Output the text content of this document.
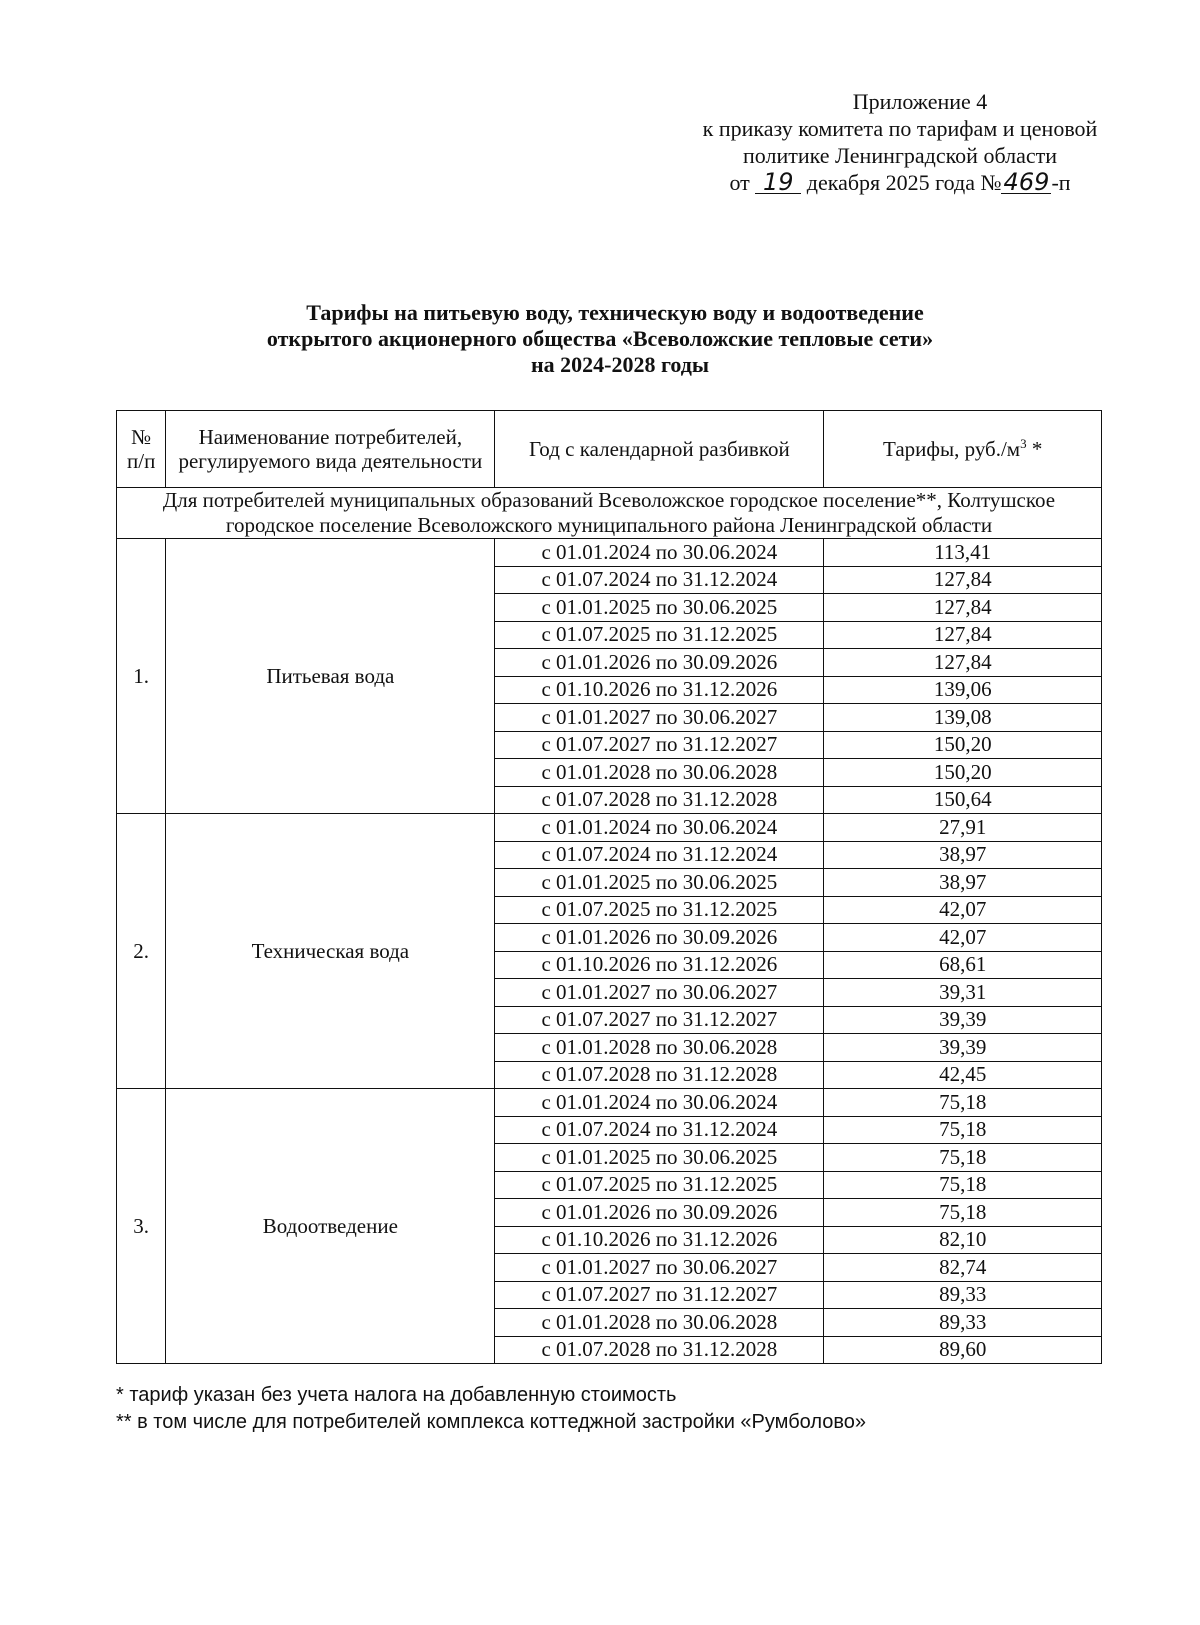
Приложение 4
к приказу комитета по тарифам и ценовой
политике Ленинградской области
от 19 декабря 2025 года №469-п
Тарифы на питьевую воду, техническую воду и водоотведение
открытого акционерного общества «Всеволожские тепловые сети»
на 2024-2028 годы
№ п/п	Наименование потребителей, регулируемого вида деятельности	Год с календарной разбивкой	Тарифы, $руб./м^3$ *
Для потребителей муниципальных образований Всеволожское городское поселение**, Колтушское городское поселение Всеволожского муниципального района Ленинградской области			
1.	Питьевая вода	с 01.01.2024 по 30.06.2024	113,41
		с 01.07.2024 по 31.12.2024	127,84
		с 01.01.2025 по 30.06.2025	127,84
		с 01.07.2025 по 31.12.2025	127,84
		с 01.01.2026 по 30.09.2026	127,84
		с 01.10.2026 по 31.12.2026	139,06
		с 01.01.2027 по 30.06.2027	139,08
		с 01.07.2027 по 31.12.2027	150,20
		с 01.01.2028 по 30.06.2028	150,20
		с 01.07.2028 по 31.12.2028	150,64
2.	Техническая вода	с 01.01.2024 по 30.06.2024	27,91
		с 01.07.2024 по 31.12.2024	38,97
		с 01.01.2025 по 30.06.2025	38,97
		с 01.07.2025 по 31.12.2025	42,07
		с 01.01.2026 по 30.09.2026	42,07
		с 01.10.2026 по 31.12.2026	68,61
		с 01.01.2027 по 30.06.2027	39,31
		с 01.07.2027 по 31.12.2027	39,39
		с 01.01.2028 по 30.06.2028	39,39
		с 01.07.2028 по 31.12.2028	42,45
3.	Водоотведение	с 01.01.2024 по 30.06.2024	75,18
		с 01.07.2024 по 31.12.2024	75,18
		с 01.01.2025 по 30.06.2025	75,18
		с 01.07.2025 по 31.12.2025	75,18
		с 01.01.2026 по 30.09.2026	75,18
		с 01.10.2026 по 31.12.2026	82,10
		с 01.01.2027 по 30.06.2027	82,74
		с 01.07.2027 по 31.12.2027	89,33
		с 01.01.2028 по 30.06.2028	89,33
		с 01.07.2028 по 31.12.2028	89,60
* тариф указан без учета налога на добавленную стоимость
** в том числе для потребителей комплекса коттеджной застройки «Румболово»
